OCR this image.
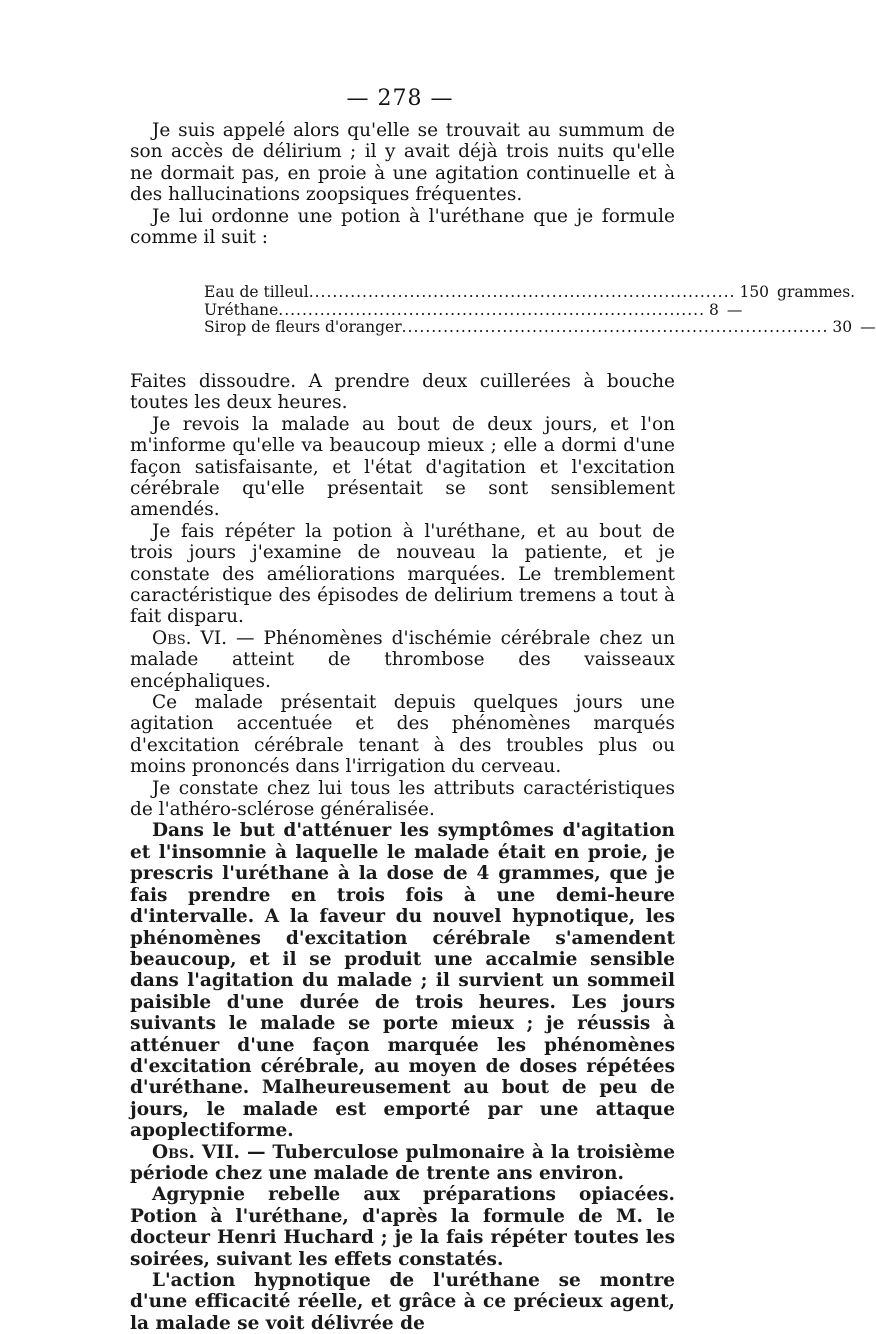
— 278 —

Je suis appelé alors qu'elle se trouvait au summum de son accès de délirium ; il y avait déjà trois nuits qu'elle ne dormait pas, en proie à une agitation continuelle et à des hallucinations zoopsiques fréquentes.

Je lui ordonne une potion à l'uréthane que je formule comme il suit :

Eau de tilleul ........................................................................ 150 grammes.
Uréthane ........................................................................ 8 —
Sirop de fleurs d'oranger ........................................................................ 30 —

Faites dissoudre. A prendre deux cuillerées à bouche toutes les deux heures.

Je revois la malade au bout de deux jours, et l'on m'informe qu'elle va beaucoup mieux ; elle a dormi d'une façon satisfaisante, et l'état d'agitation et l'excitation cérébrale qu'elle présentait se sont sensiblement amendés.

Je fais répéter la potion à l'uréthane, et au bout de trois jours j'examine de nouveau la patiente, et je constate des améliorations marquées. Le tremblement caractéristique des épisodes de delirium tremens a tout à fait disparu.

Obs. VI. — Phénomènes d'ischémie cérébrale chez un malade atteint de thrombose des vaisseaux encéphaliques.

Ce malade présentait depuis quelques jours une agitation accentuée et des phénomènes marqués d'excitation cérébrale tenant à des troubles plus ou moins prononcés dans l'irrigation du cerveau.

Je constate chez lui tous les attributs caractéristiques de l'athéro-sclérose généralisée.

Dans le but d'atténuer les symptômes d'agitation et l'insomnie à laquelle le malade était en proie, je prescris l'uréthane à la dose de 4 grammes, que je fais prendre en trois fois à une demi-heure d'intervalle. A la faveur du nouvel hypnotique, les phénomènes d'excitation cérébrale s'amendent beaucoup, et il se produit une accalmie sensible dans l'agitation du malade ; il survient un sommeil paisible d'une durée de trois heures. Les jours suivants le malade se porte mieux ; je réussis à atténuer d'une façon marquée les phénomènes d'excitation cérébrale, au moyen de doses répétées d'uréthane. Malheureusement au bout de peu de jours, le malade est emporté par une attaque apoplectiforme.

Obs. VII. — Tuberculose pulmonaire à la troisième période chez une malade de trente ans environ.

Agrypnie rebelle aux préparations opiacées. Potion à l'uréthane, d'après la formule de M. le docteur Henri Huchard ; je la fais répéter toutes les soirées, suivant les effets constatés.

L'action hypnotique de l'uréthane se montre d'une efficacité réelle, et grâce à ce précieux agent, la malade se voit délivrée de
